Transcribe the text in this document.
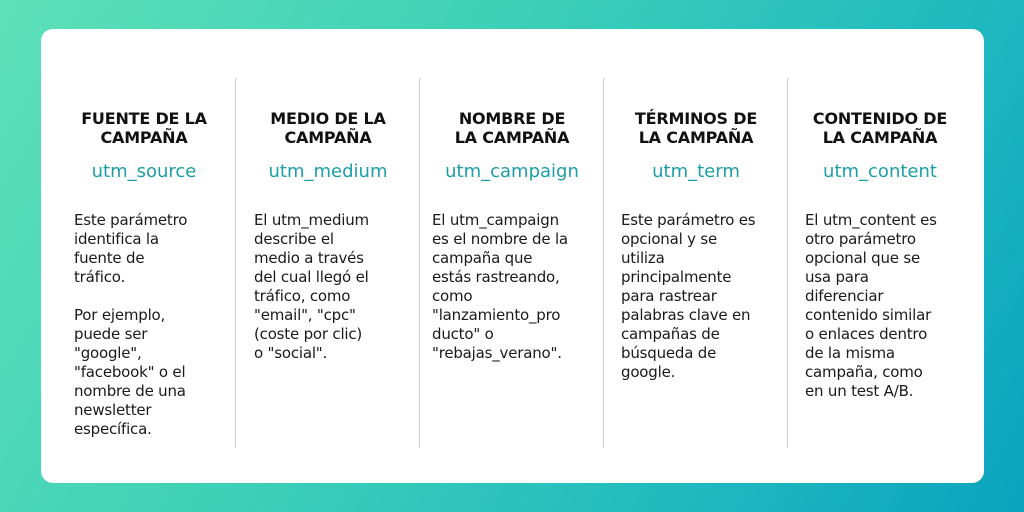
FUENTE DE LA
CAMPAÑA
utm_source
Este parámetro
identifica la
fuente de
tráfico.

Por ejemplo,
puede ser
"google",
"facebook" o el
nombre de una
newsletter
específica.
MEDIO DE LA
CAMPAÑA
utm_medium
El utm_medium
describe el
medio a través
del cual llegó el
tráfico, como
"email", "cpc"
(coste por clic)
o "social".
NOMBRE DE
LA CAMPAÑA
utm_campaign
El utm_campaign
es el nombre de la
campaña que
estás rastreando,
como
"lanzamiento_pro
ducto" o
"rebajas_verano".
TÉRMINOS DE
LA CAMPAÑA
utm_term
Este parámetro es
opcional y se
utiliza
principalmente
para rastrear
palabras clave en
campañas de
búsqueda de
google.
CONTENIDO DE
LA CAMPAÑA
utm_content
El utm_content es
otro parámetro
opcional que se
usa para
diferenciar
contenido similar
o enlaces dentro
de la misma
campaña, como
en un test A/B.
